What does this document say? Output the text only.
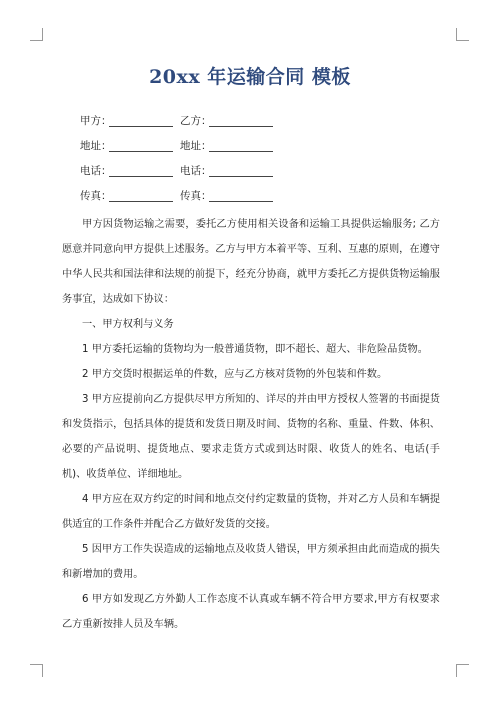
20xx 年运输合同 模板
甲方：	乙方：
地址：	地址：
电话：	电话：
传真：	传真：

甲方因货物运输之需要，委托乙方使用相关设备和运输工具提供运输服务; 乙方愿意并同意向甲方提供上述服务。乙方与甲方本着平等、互利、互惠的原则，在遵守中华人民共和国法律和法规的前提下，经充分协商，就甲方委托乙方提供货物运输服务事宜，达成如下协议：

一、甲方权利与义务

1 甲方委托运输的货物均为一般普通货物，即不超长、超大、非危险品货物。

2 甲方交货时根据运单的件数，应与乙方核对货物的外包装和件数。

3 甲方应提前向乙方提供尽甲方所知的、详尽的并由甲方授权人签署的书面提货和发货指示，包括具体的提货和发货日期及时间、货物的名称、重量、件数、体积、必要的产品说明、提货地点、要求走货方式或到达时限、收货人的姓名、电话(手机)、收货单位、详细地址。

4 甲方应在双方约定的时间和地点交付约定数量的货物，并对乙方人员和车辆提供适宜的工作条件并配合乙方做好发货的交接。

5 因甲方工作失误造成的运输地点及收货人错误，甲方须承担由此而造成的损失和新增加的费用。

6 甲方如发现乙方外勤人工作态度不认真或车辆不符合甲方要求,甲方有权要求乙方重新按排人员及车辆。
